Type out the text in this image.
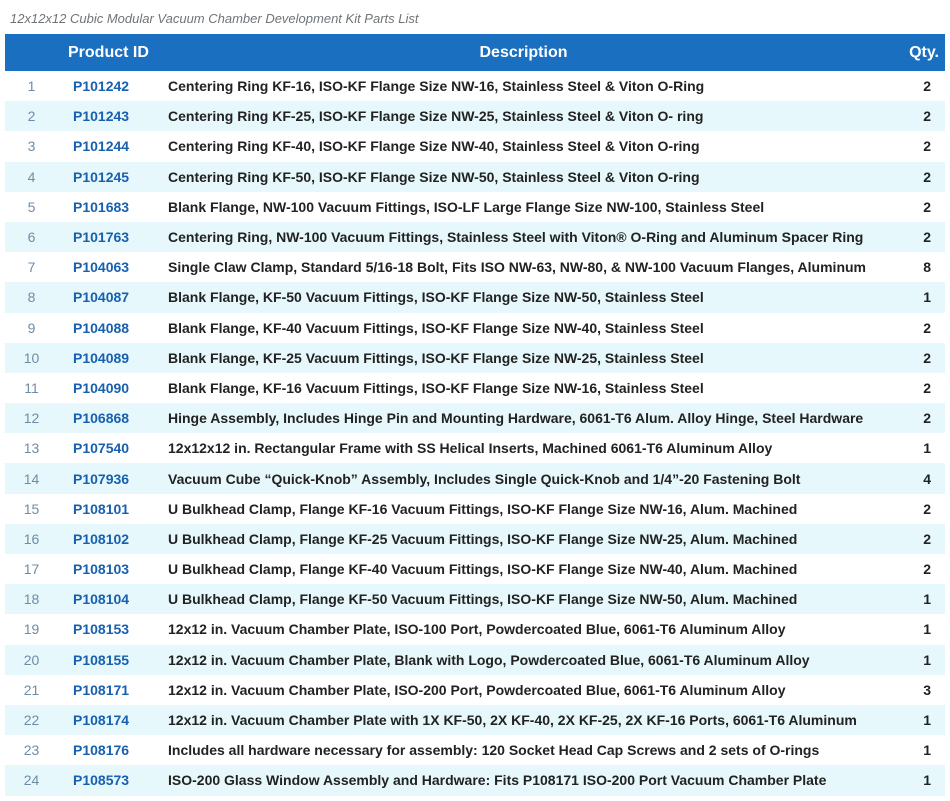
12x12x12 Cubic Modular Vacuum Chamber Development Kit Parts List
	Product ID	Description	Qty.
1	P101242	Centering Ring KF-16, ISO-KF Flange Size NW-16, Stainless Steel & Viton O-Ring	2
2	P101243	Centering Ring KF-25, ISO-KF Flange Size NW-25, Stainless Steel & Viton O- ring	2
3	P101244	Centering Ring KF-40, ISO-KF Flange Size NW-40, Stainless Steel & Viton O-ring	2
4	P101245	Centering Ring KF-50, ISO-KF Flange Size NW-50, Stainless Steel & Viton O-ring	2
5	P101683	Blank Flange, NW-100 Vacuum Fittings, ISO-LF Large Flange Size NW-100, Stainless Steel	2
6	P101763	Centering Ring, NW-100 Vacuum Fittings, Stainless Steel with Viton® O-Ring and Aluminum Spacer Ring	2
7	P104063	Single Claw Clamp, Standard 5/16-18 Bolt, Fits ISO NW-63, NW-80, & NW-100 Vacuum Flanges, Aluminum	8
8	P104087	Blank Flange, KF-50 Vacuum Fittings, ISO-KF Flange Size NW-50, Stainless Steel	1
9	P104088	Blank Flange, KF-40 Vacuum Fittings, ISO-KF Flange Size NW-40, Stainless Steel	2
10	P104089	Blank Flange, KF-25 Vacuum Fittings, ISO-KF Flange Size NW-25, Stainless Steel	2
11	P104090	Blank Flange, KF-16 Vacuum Fittings, ISO-KF Flange Size NW-16, Stainless Steel	2
12	P106868	Hinge Assembly, Includes Hinge Pin and Mounting Hardware, 6061-T6 Alum. Alloy Hinge, Steel Hardware	2
13	P107540	12x12x12 in. Rectangular Frame with SS Helical Inserts, Machined 6061-T6 Aluminum Alloy	1
14	P107936	Vacuum Cube “Quick-Knob” Assembly, Includes Single Quick-Knob and 1/4”-20 Fastening Bolt	4
15	P108101	U Bulkhead Clamp, Flange KF-16 Vacuum Fittings, ISO-KF Flange Size NW-16, Alum. Machined	2
16	P108102	U Bulkhead Clamp, Flange KF-25 Vacuum Fittings, ISO-KF Flange Size NW-25, Alum. Machined	2
17	P108103	U Bulkhead Clamp, Flange KF-40 Vacuum Fittings, ISO-KF Flange Size NW-40, Alum. Machined	2
18	P108104	U Bulkhead Clamp, Flange KF-50 Vacuum Fittings, ISO-KF Flange Size NW-50, Alum. Machined	1
19	P108153	12x12 in. Vacuum Chamber Plate, ISO-100 Port, Powdercoated Blue, 6061-T6 Aluminum Alloy	1
20	P108155	12x12 in. Vacuum Chamber Plate, Blank with Logo, Powdercoated Blue, 6061-T6 Aluminum Alloy	1
21	P108171	12x12 in. Vacuum Chamber Plate, ISO-200 Port, Powdercoated Blue, 6061-T6 Aluminum Alloy	3
22	P108174	12x12 in. Vacuum Chamber Plate with 1X KF-50, 2X KF-40, 2X KF-25, 2X KF-16 Ports, 6061-T6 Aluminum	1
23	P108176	Includes all hardware necessary for assembly: 120 Socket Head Cap Screws and 2 sets of O-rings	1
24	P108573	ISO-200 Glass Window Assembly and Hardware: Fits P108171 ISO-200 Port Vacuum Chamber Plate	1
